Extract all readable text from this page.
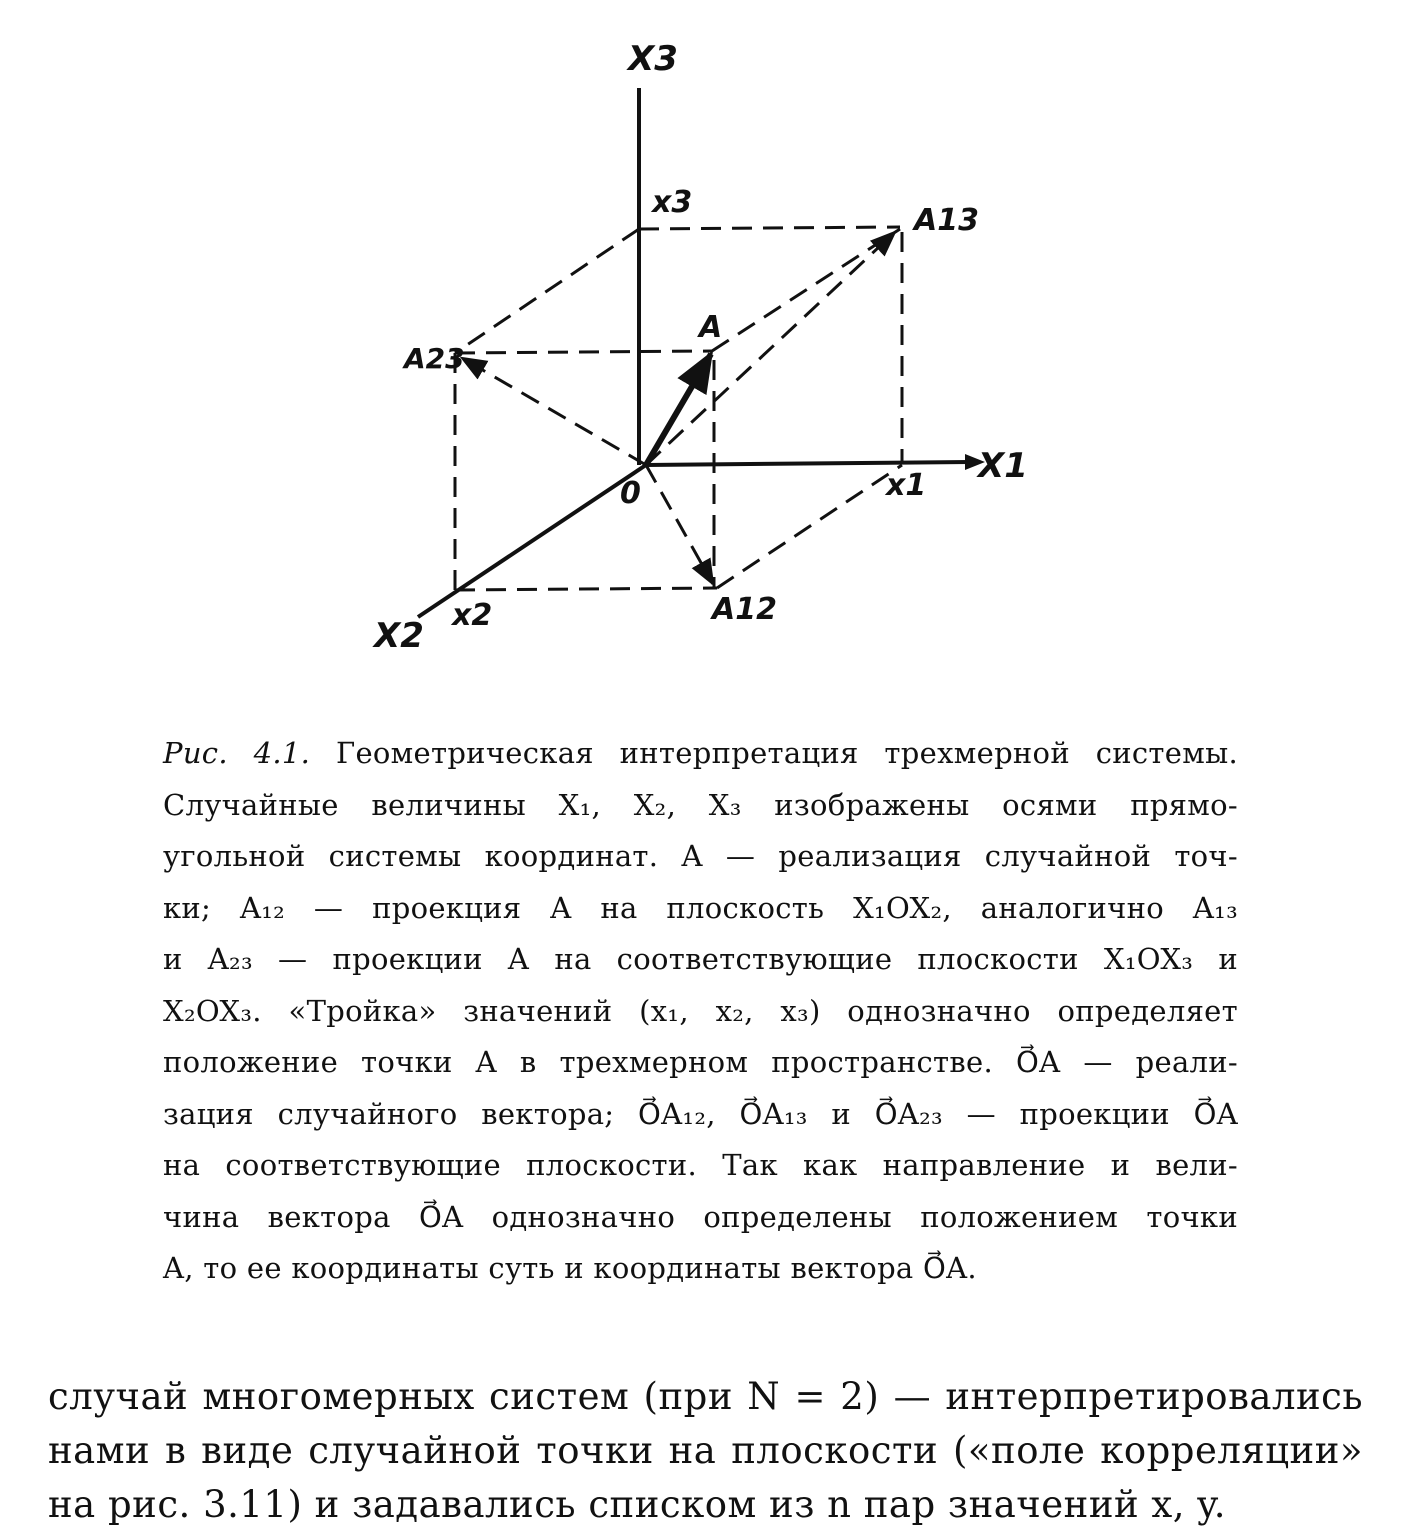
X3
x3
A13
A
A23
0
X1
x1
X2
x2	A12
Рис. 4.1. Геометрическая интерпретация трехмерной системы.
Случайные величины X₁, X₂, X₃ изображены осями прямо-
угольной системы координат. A — реализация случайной точ-
ки; A₁₂ — проекция A на плоскость X₁OX₂, аналогично A₁₃
и A₂₃ — проекции A на соответствующие плоскости X₁OX₃ и
X₂OX₃. «Тройка» значений (x₁, x₂, x₃) однозначно определяет
положение точки A в трехмерном пространстве. O⃗A — реали-
зация случайного вектора; O⃗A₁₂, O⃗A₁₃ и O⃗A₂₃ — проекции O⃗A
на соответствующие плоскости. Так как направление и вели-
чина вектора O⃗A однозначно определены положением точки
A, то ее координаты суть и координаты вектора O⃗A.
случай многомерных систем (при N = 2) — интерпретировались
нами в виде случайной точки на плоскости («поле корреляции»
на рис. 3.11) и задавались списком из n пар значений x, y.
